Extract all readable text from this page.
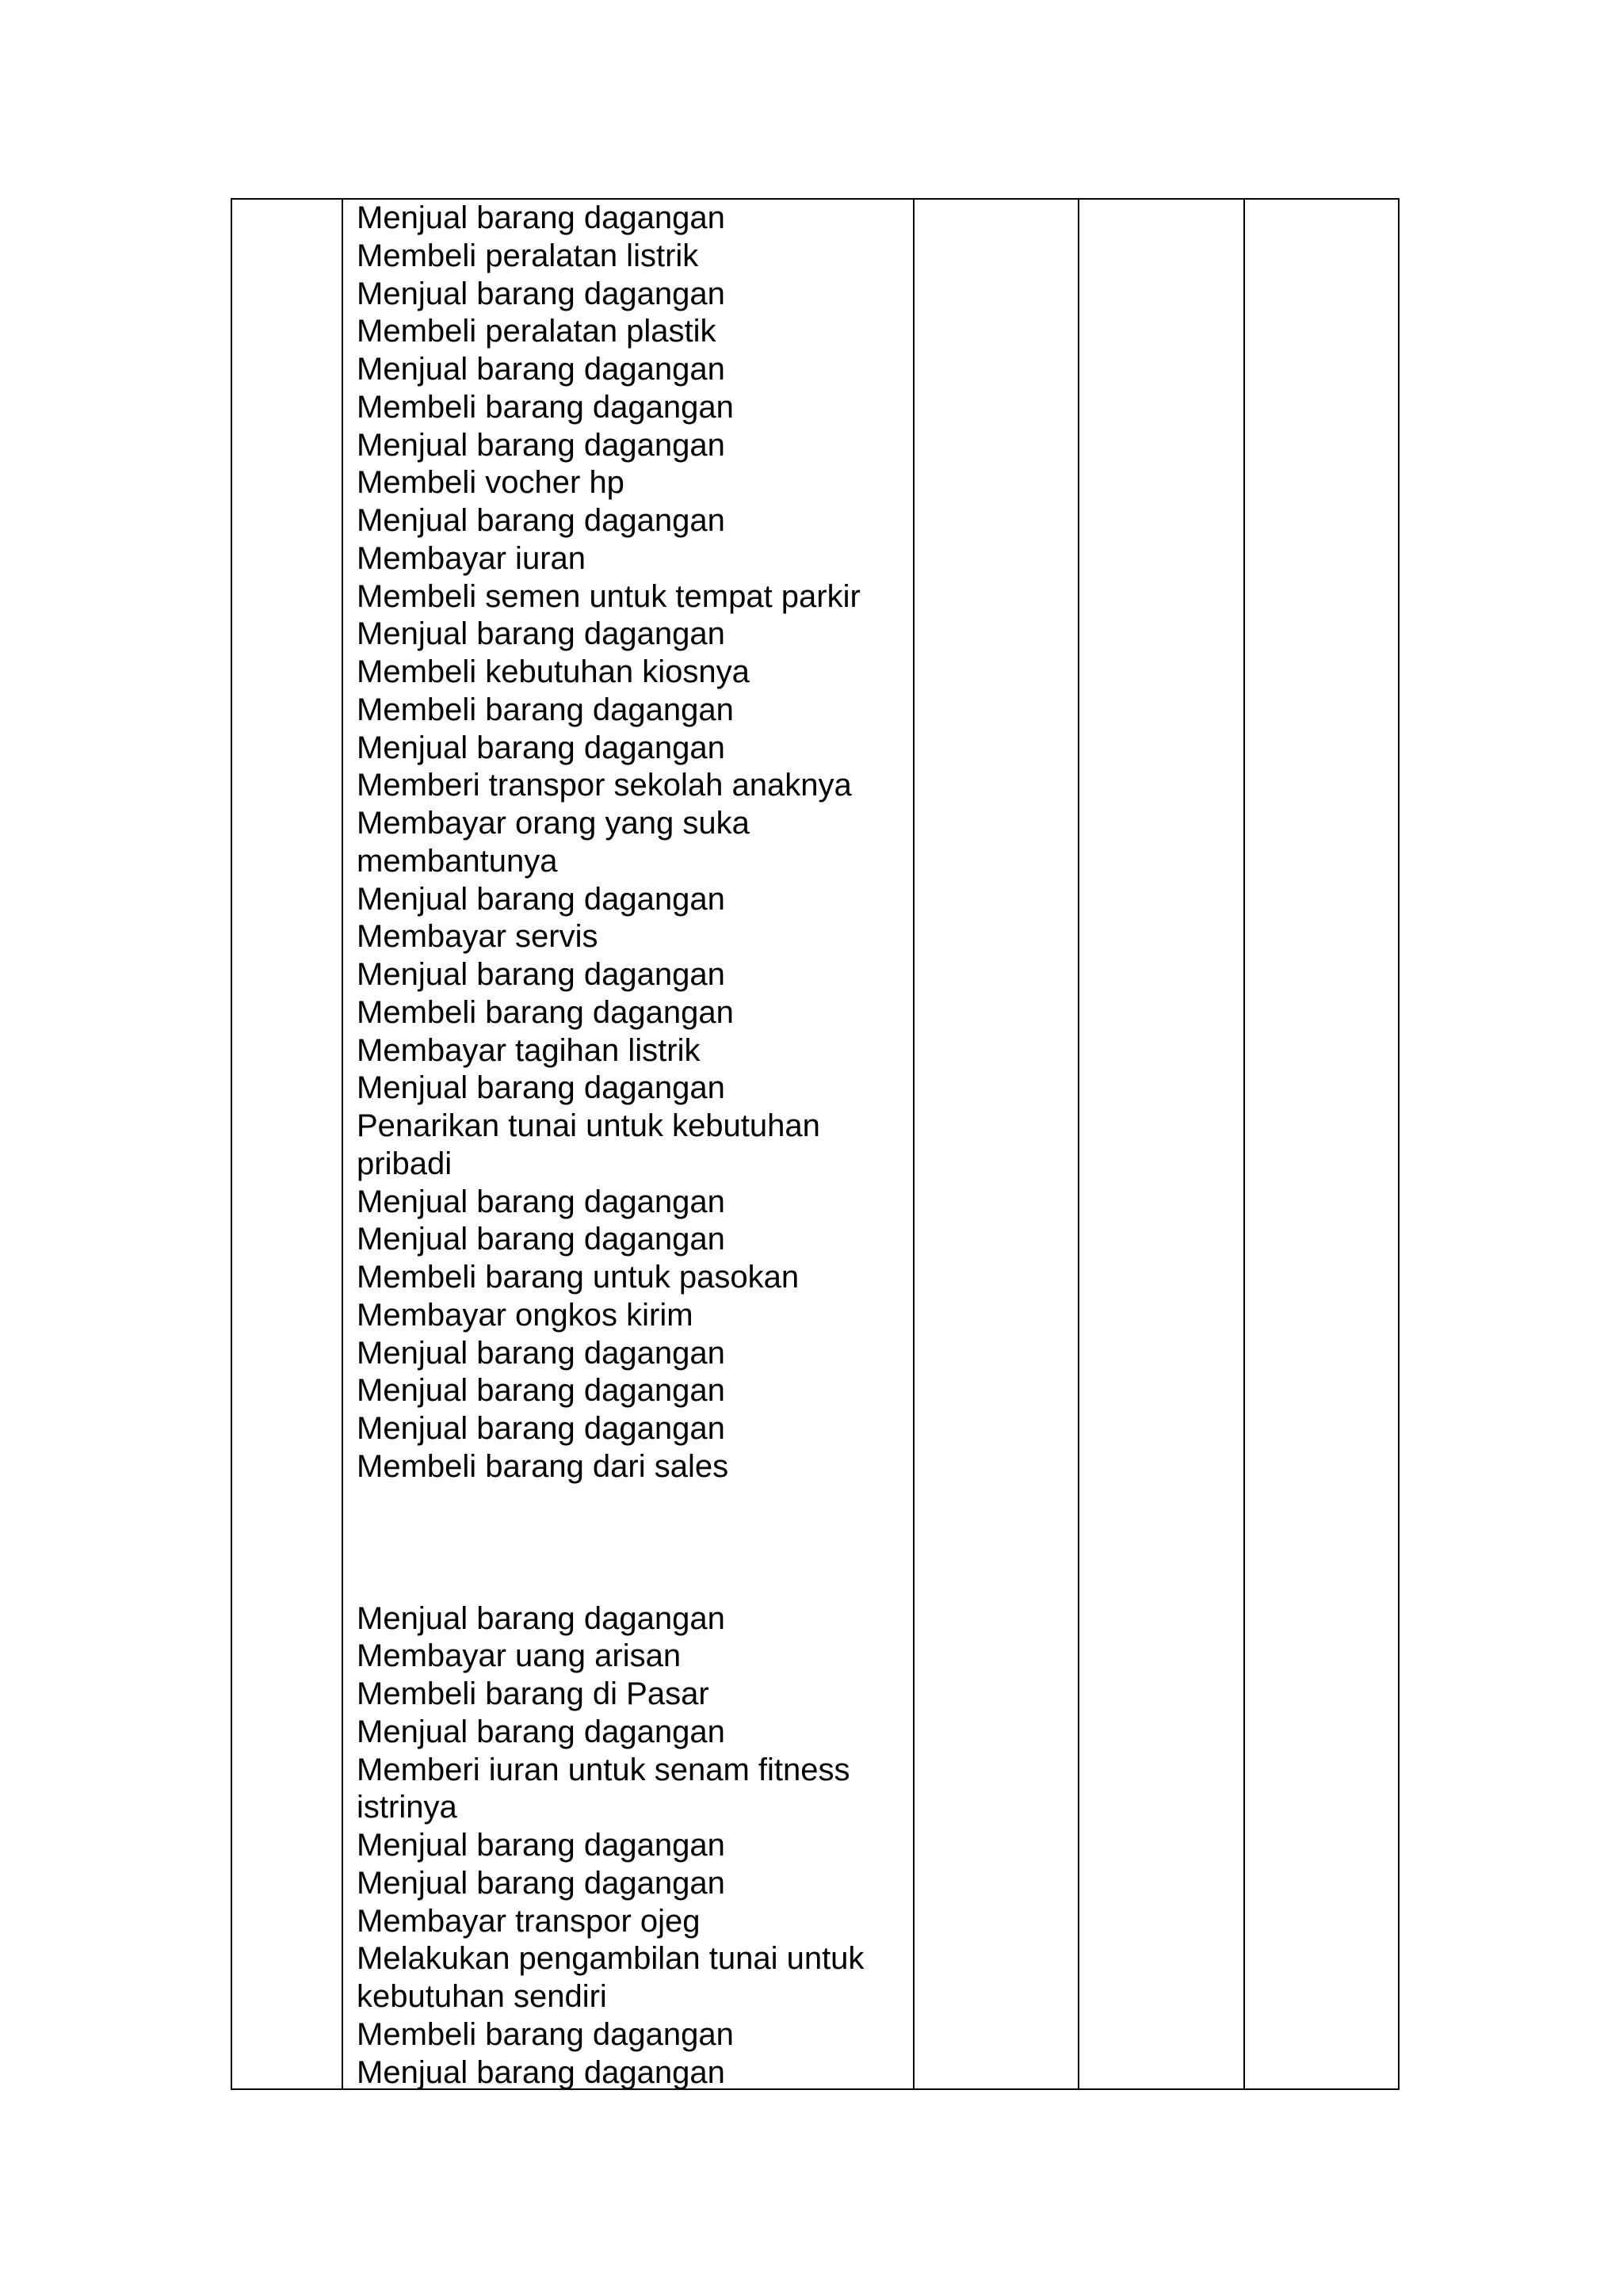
Menjual barang dagangan
Membeli peralatan listrik
Menjual barang dagangan
Membeli peralatan plastik
Menjual barang dagangan
Membeli barang dagangan
Menjual barang dagangan
Membeli vocher hp
Menjual barang dagangan
Membayar iuran
Membeli semen untuk tempat parkir
Menjual barang dagangan
Membeli kebutuhan kiosnya
Membeli barang dagangan
Menjual barang dagangan
Memberi transpor sekolah anaknya
Membayar orang yang suka
membantunya
Menjual barang dagangan
Membayar servis
Menjual barang dagangan
Membeli barang dagangan
Membayar tagihan listrik
Menjual barang dagangan
Penarikan tunai untuk kebutuhan
pribadi
Menjual barang dagangan
Menjual barang dagangan
Membeli barang untuk pasokan
Membayar ongkos kirim
Menjual barang dagangan
Menjual barang dagangan
Menjual barang dagangan
Membeli barang dari sales
Menjual barang dagangan
Membayar uang arisan
Membeli barang di Pasar
Menjual barang dagangan
Memberi iuran untuk senam fitness
istrinya
Menjual barang dagangan
Menjual barang dagangan
Membayar transpor ojeg
Melakukan pengambilan tunai untuk
kebutuhan sendiri
Membeli barang dagangan
Menjual barang dagangan
